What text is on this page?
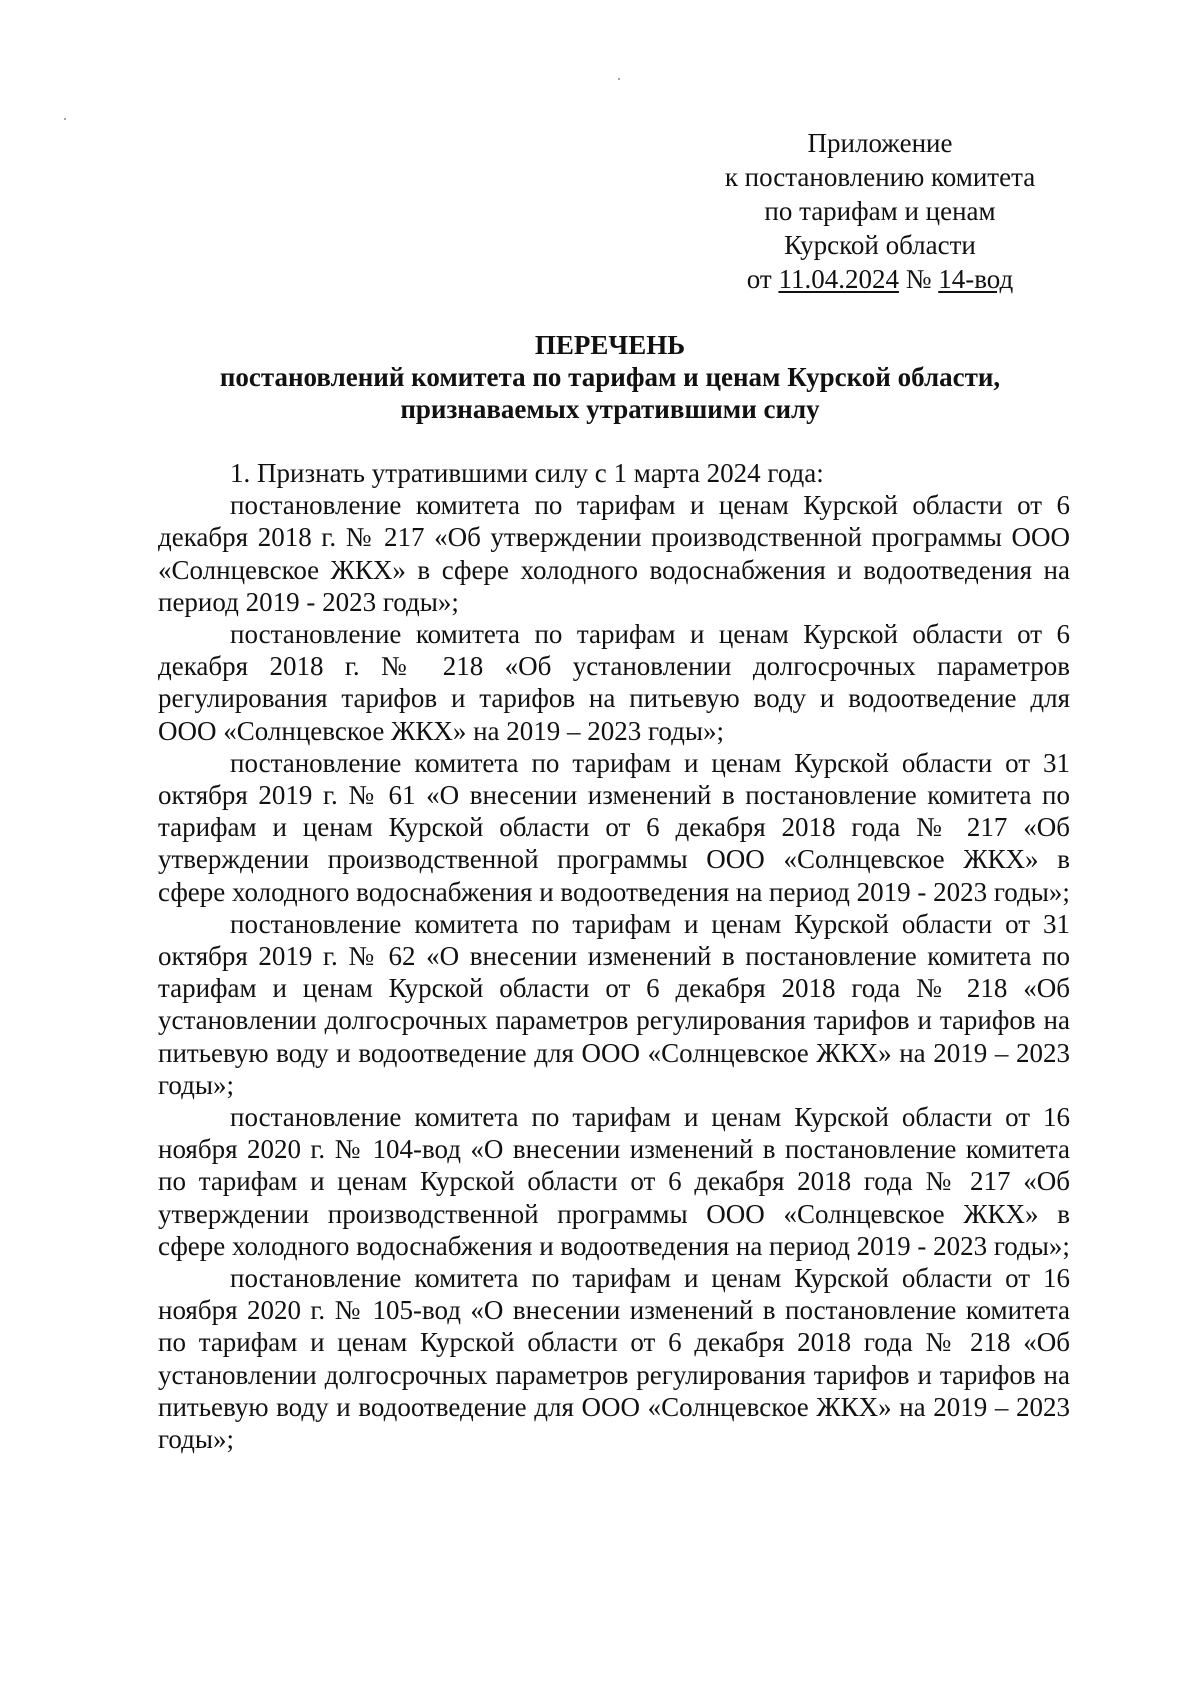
Приложение
к постановлению комитета
по тарифам и ценам
Курской области
от 11.04.2024 № 14-вод
ПЕРЕЧЕНЬ
постановлений комитета по тарифам и ценам Курской области,
признаваемых утратившими силу

1. Признать утратившими силу с 1 марта 2024 года:

постановление комитета по тарифам и ценам Курской области от 6 декабря 2018 г. № 217 «Об утверждении производственной программы ООО «Солнцевское ЖКХ» в сфере холодного водоснабжения и водоотведения на период 2019 - 2023 годы»;

постановление комитета по тарифам и ценам Курской области от 6 декабря 2018 г. № 218 «Об установлении долгосрочных параметров регулирования тарифов и тарифов на питьевую воду и водоотведение для ООО «Солнцевское ЖКХ» на 2019 – 2023 годы»;

постановление комитета по тарифам и ценам Курской области от 31 октября 2019 г. № 61 «О внесении изменений в постановление комитета по тарифам и ценам Курской области от 6 декабря 2018 года № 217 «Об утверждении производственной программы ООО «Солнцевское ЖКХ» в сфере холодного водоснабжения и водоотведения на период 2019 - 2023 годы»;

постановление комитета по тарифам и ценам Курской области от 31 октября 2019 г. № 62 «О внесении изменений в постановление комитета по тарифам и ценам Курской области от 6 декабря 2018 года № 218 «Об установлении долгосрочных параметров регулирования тарифов и тарифов на питьевую воду и водоотведение для ООО «Солнцевское ЖКХ» на 2019 – 2023 годы»;

постановление комитета по тарифам и ценам Курской области от 16 ноября 2020 г. № 104-вод «О внесении изменений в постановление комитета по тарифам и ценам Курской области от 6 декабря 2018 года № 217 «Об утверждении производственной программы ООО «Солнцевское ЖКХ» в сфере холодного водоснабжения и водоотведения на период 2019 - 2023 годы»;

постановление комитета по тарифам и ценам Курской области от 16 ноября 2020 г. № 105-вод «О внесении изменений в постановление комитета по тарифам и ценам Курской области от 6 декабря 2018 года № 218 «Об установлении долгосрочных параметров регулирования тарифов и тарифов на питьевую воду и водоотведение для ООО «Солнцевское ЖКХ» на 2019 – 2023 годы»;
